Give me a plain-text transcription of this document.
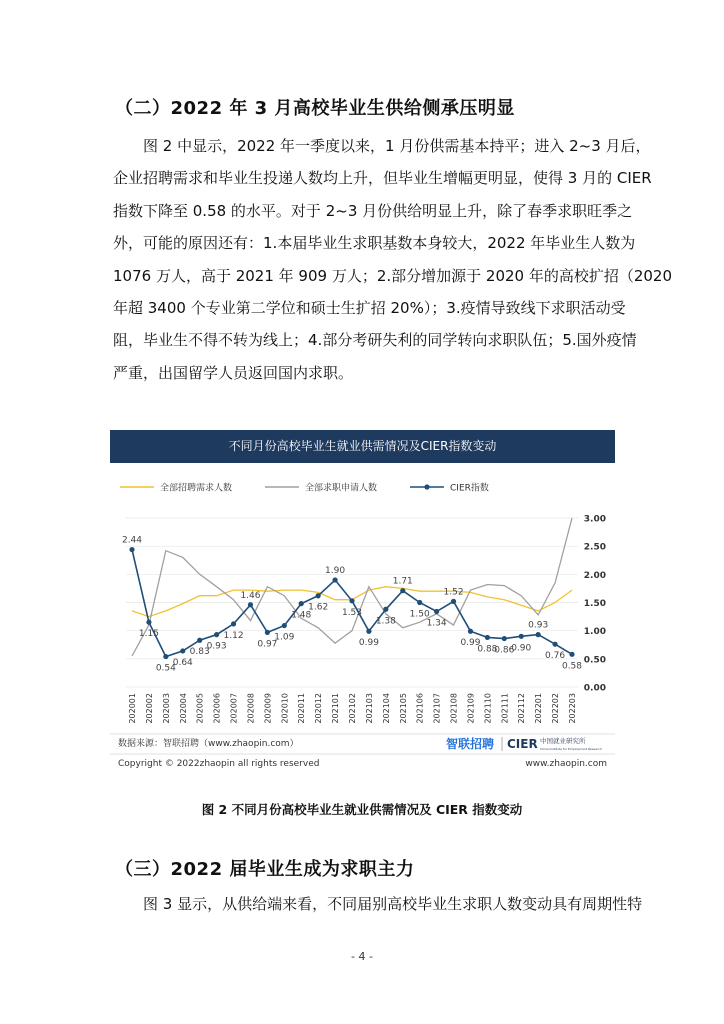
（二）2022 年 3 月高校毕业生供给侧承压明显
图 2 中显示，2022 年一季度以来，1 月份供需基本持平；进入 2~3 月后，
企业招聘需求和毕业生投递人数均上升，但毕业生增幅更明显，使得 3 月的 CIER
指数下降至 0.58 的水平。对于 2~3 月份供给明显上升，除了春季求职旺季之
外，可能的原因还有：1.本届毕业生求职基数本身较大，2022 年毕业生人数为
1076 万人，高于 2021 年 909 万人；2.部分增加源于 2020 年的高校扩招（2020
年超 3400 个专业第二学位和硕士生扩招 20%）；3.疫情导致线下求职活动受
阻，毕业生不得不转为线上；4.部分考研失利的同学转向求职队伍；5.国外疫情
严重，出国留学人员返回国内求职。
不同月份高校毕业生就业供需情况及CIER指数变动
全部招聘需求人数	全部求职申请人数	CIER指数
0.00
0.50
1.00
1.50
2.00
2.50
3.00
202001 202002 202003 202004 202005 202006 202007 202008 202009 202010 202011 202012 202101 202102 202103 202104 202105 202106 202107 202108 202109 202110 202111 202112 202201 202202 202203
2.44
1.15
0.54
0.64
0.83
0.93
1.12
1.46
0.97
1.09
1.48
1.62
1.90
1.53
0.99
1.38
1.71
1.50
1.34
1.52
0.99
0.88
0.86
0.90
0.93
0.76
0.58
数据来源：智联招聘（www.zhaopin.com）	智联招聘 CIER 中国就业研究所
China Institute for Employment Research
Copyright © 2022zhaopin all rights reserved	www.zhaopin.com
图 2 不同月份高校毕业生就业供需情况及 CIER 指数变动
（三）2022 届毕业生成为求职主力
图 3 显示，从供给端来看，不同届别高校毕业生求职人数变动具有周期性特
- 4 -
